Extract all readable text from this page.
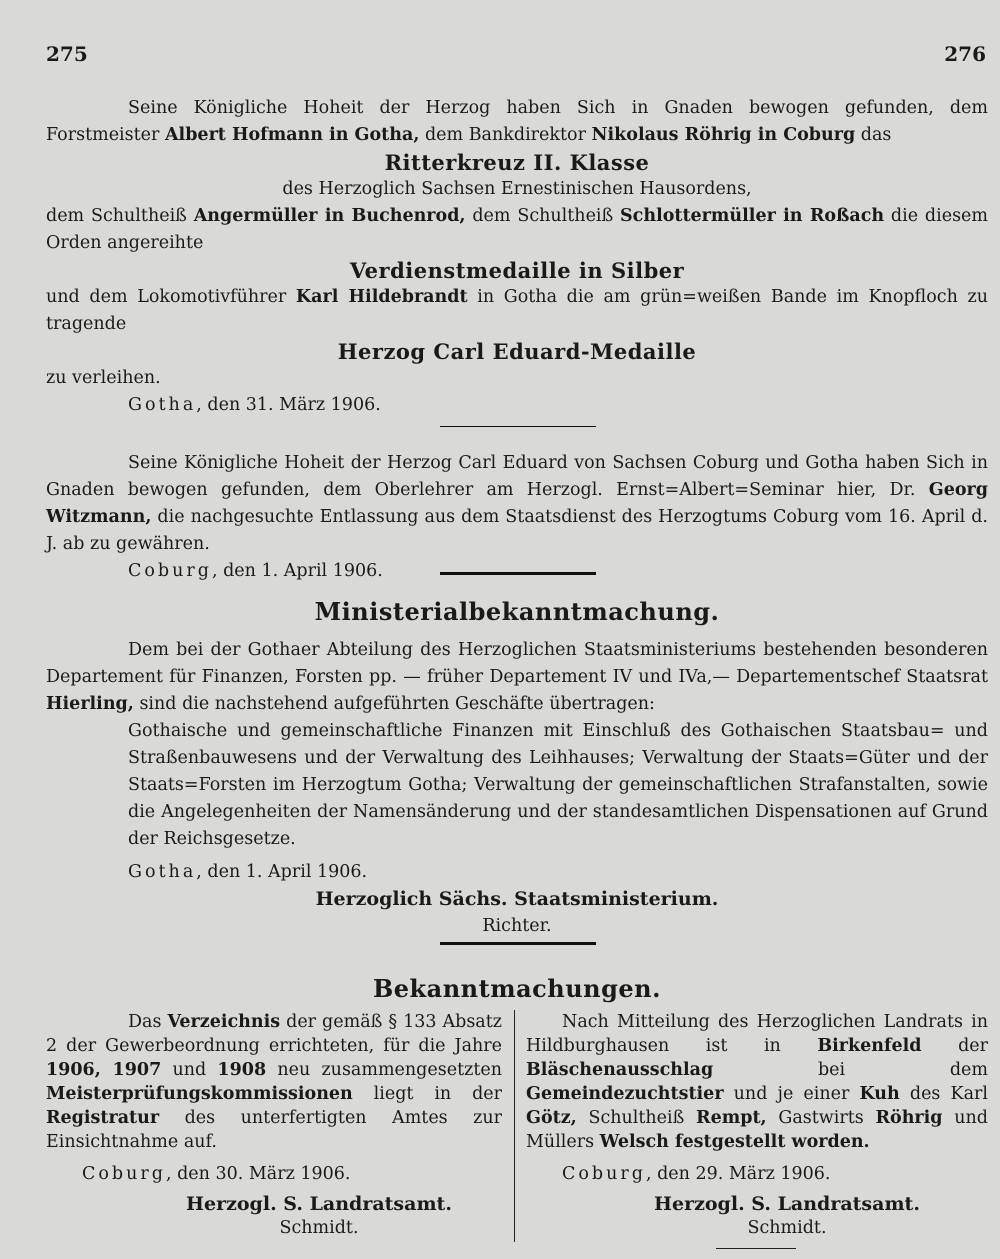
275	276
Seine Königliche Hoheit der Herzog haben Sich in Gnaden bewogen gefunden, dem Forstmeister Albert Hofmann in Gotha, dem Bankdirektor Nikolaus Röhrig in Coburg das
Ritterkreuz II. Klasse
des Herzoglich Sachsen Ernestinischen Hausordens,
dem Schultheiß Angermüller in Buchenrod, dem Schultheiß Schlottermüller in Roßach die diesem Orden angereihte
Verdienstmedaille in Silber
und dem Lokomotivführer Karl Hildebrandt in Gotha die am grün=weißen Bande im Knopfloch zu tragende
Herzog Carl Eduard-Medaille
zu verleihen.
Gotha, den 31. März 1906.
Seine Königliche Hoheit der Herzog Carl Eduard von Sachsen Coburg und Gotha haben Sich in Gnaden bewogen gefunden, dem Oberlehrer am Herzogl. Ernst=Albert=Seminar hier, Dr. Georg Witzmann, die nachgesuchte Entlassung aus dem Staatsdienst des Herzogtums Coburg vom 16. April d. J. ab zu gewähren.
Coburg, den 1. April 1906.
Ministerialbekanntmachung.
Dem bei der Gothaer Abteilung des Herzoglichen Staatsministeriums bestehenden besonderen Departement für Finanzen, Forsten pp. — früher Departement IV und IVa,— Departementschef Staatsrat Hierling, sind die nachstehend aufgeführten Geschäfte übertragen:
Gothaische und gemeinschaftliche Finanzen mit Einschluß des Gothaischen Staatsbau= und Straßenbauwesens und der Verwaltung des Leihhauses; Verwaltung der Staats=Güter und der Staats=Forsten im Herzogtum Gotha; Verwaltung der gemeinschaftlichen Strafanstalten, sowie die Angelegenheiten der Namensänderung und der standesamtlichen Dispensationen auf Grund der Reichsgesetze.
Gotha, den 1. April 1906.
Herzoglich Sächs. Staatsministerium.
Richter.
Bekanntmachungen.
Das Verzeichnis der gemäß § 133 Absatz 2 der Gewerbeordnung errichteten, für die Jahre 1906, 1907 und 1908 neu zusammengesetzten Meisterprüfungskommissionen liegt in der Registratur des unterfertigten Amtes zur Einsichtnahme auf.
Coburg, den 30. März 1906.
Herzogl. S. Landratsamt.
Schmidt.
Nach Mitteilung des Herzoglichen Landrats in Hildburghausen ist in Birkenfeld der Bläschenausschlag bei dem Gemeindezuchtstier und je einer Kuh des Karl Götz, Schultheiß Rempt, Gastwirts Röhrig und Müllers Welsch festgestellt worden.
Coburg, den 29. März 1906.
Herzogl. S. Landratsamt.
Schmidt.
